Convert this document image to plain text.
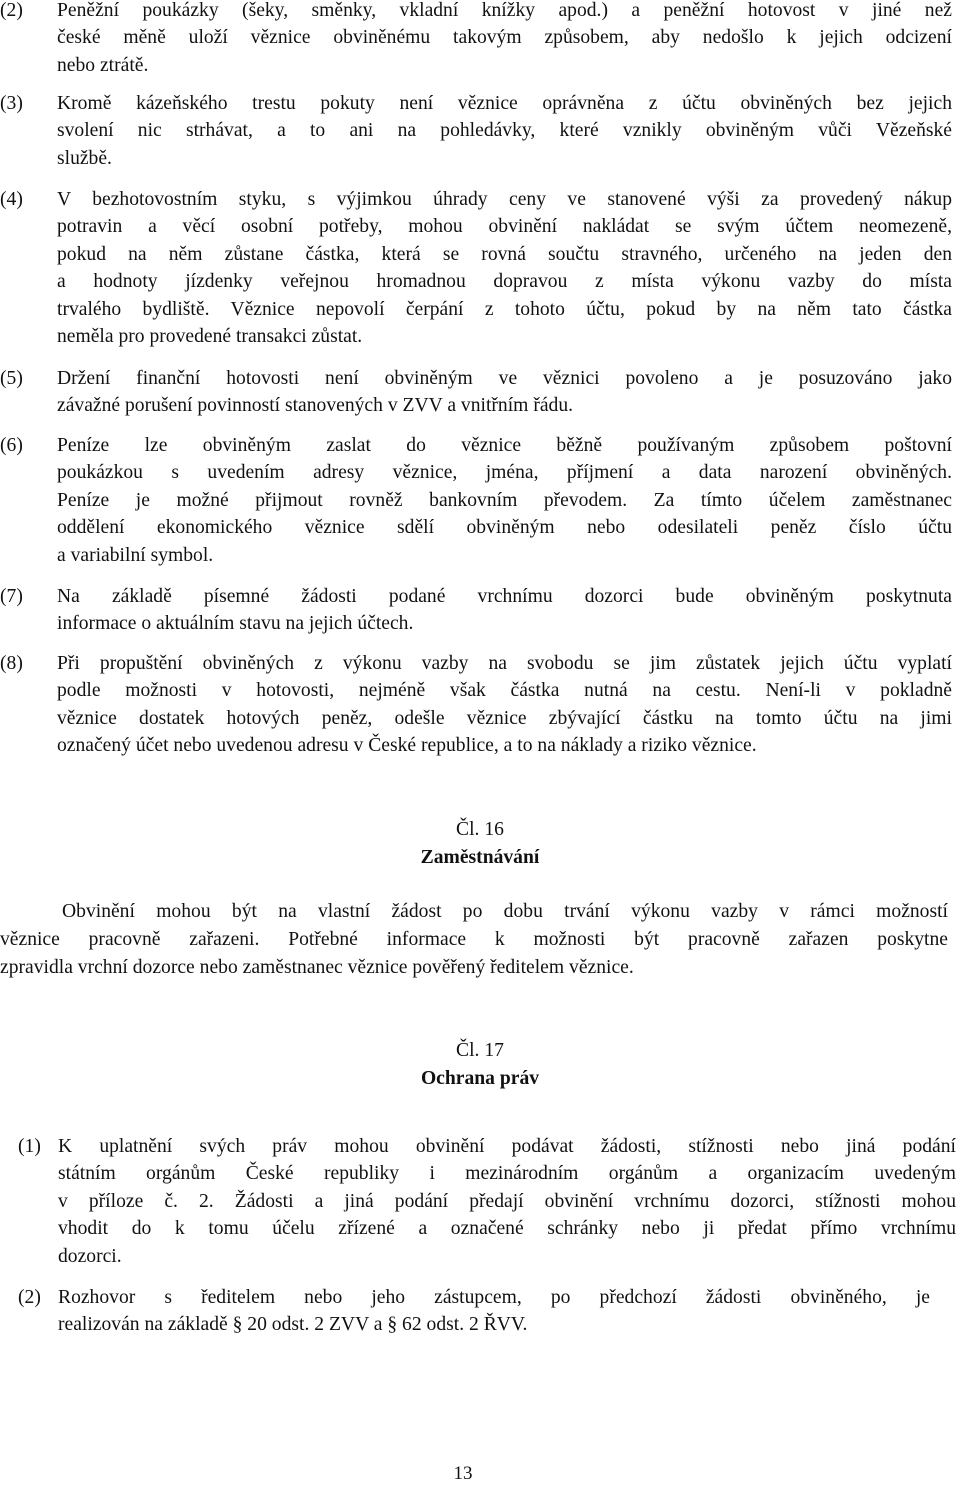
(2) Peněžní poukázky (šeky, směnky, vkladní knížky apod.) a peněžní hotovost v jiné než
české měně uloží věznice obviněnému takovým způsobem, aby nedošlo k jejich odcizení
nebo ztrátě.
(3) Kromě kázeňského trestu pokuty není věznice oprávněna z účtu obviněných bez jejich
svolení nic strhávat, a to ani na pohledávky, které vznikly obviněným vůči Vězeňské
službě.
(4) V bezhotovostním styku, s výjimkou úhrady ceny ve stanovené výši za provedený nákup
potravin a věcí osobní potřeby, mohou obvinění nakládat se svým účtem neomezeně,
pokud na něm zůstane částka, která se rovná součtu stravného, určeného na jeden den
a hodnoty jízdenky veřejnou hromadnou dopravou z místa výkonu vazby do místa
trvalého bydliště. Věznice nepovolí čerpání z tohoto účtu, pokud by na něm tato částka
neměla pro provedené transakci zůstat.
(5) Držení finanční hotovosti není obviněným ve věznici povoleno a je posuzováno jako
závažné porušení povinností stanovených v ZVV a vnitřním řádu.
(6) Peníze lze obviněným zaslat do věznice běžně používaným způsobem poštovní
poukázkou s uvedením adresy věznice, jména, příjmení a data narození obviněných.
Peníze je možné přijmout rovněž bankovním převodem. Za tímto účelem zaměstnanec
oddělení ekonomického věznice sdělí obviněným nebo odesilateli peněz číslo účtu
a variabilní symbol.
(7) Na základě písemné žádosti podané vrchnímu dozorci bude obviněným poskytnuta
informace o aktuálním stavu na jejich účtech.
(8) Při propuštění obviněných z výkonu vazby na svobodu se jim zůstatek jejich účtu vyplatí
podle možnosti v hotovosti, nejméně však částka nutná na cestu. Není-li v pokladně
věznice dostatek hotových peněz, odešle věznice zbývající částku na tomto účtu na jimi
označený účet nebo uvedenou adresu v České republice, a to na náklady a riziko věznice.
Čl. 16
Zaměstnávání
Obvinění mohou být na vlastní žádost po dobu trvání výkonu vazby v rámci možností
věznice pracovně zařazeni. Potřebné informace k možnosti být pracovně zařazen poskytne
zpravidla vrchní dozorce nebo zaměstnanec věznice pověřený ředitelem věznice.
Čl. 17
Ochrana práv
(1) K uplatnění svých práv mohou obvinění podávat žádosti, stížnosti nebo jiná podání
státním orgánům České republiky i mezinárodním orgánům a organizacím uvedeným
v příloze č. 2. Žádosti a jiná podání předají obvinění vrchnímu dozorci, stížnosti mohou
vhodit do k tomu účelu zřízené a označené schránky nebo ji předat přímo vrchnímu
dozorci.
(2) Rozhovor s ředitelem nebo jeho zástupcem, po předchozí žádosti obviněného, je
realizován na základě § 20 odst. 2 ZVV a § 62 odst. 2 ŘVV.
13
